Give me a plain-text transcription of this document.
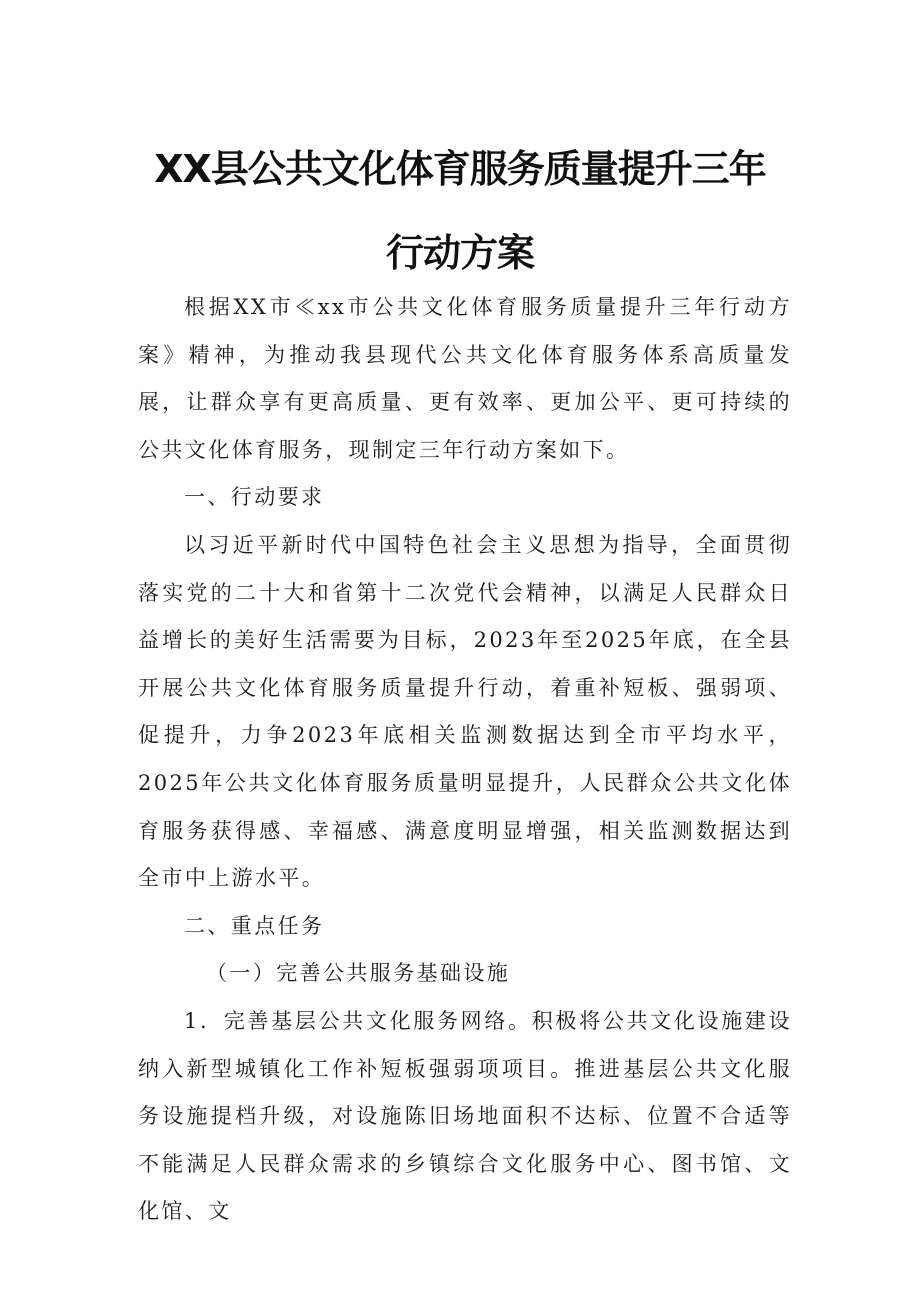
XX县公共文化体育服务质量提升三年
行动方案

根据XX市≪xx市公共文化体育服务质量提升三年行动方案》精神，为推动我县现代公共文化体育服务体系高质量发展，让群众享有更高质量、更有效率、更加公平、更可持续的公共文化体育服务，现制定三年行动方案如下。

一、行动要求

以习近平新时代中国特色社会主义思想为指导，全面贯彻落实党的二十大和省第十二次党代会精神，以满足人民群众日益增长的美好生活需要为目标，2023年至2025年底，在全县开展公共文化体育服务质量提升行动，着重补短板、强弱项、促提升，力争2023年底相关监测数据达到全市平均水平，2025年公共文化体育服务质量明显提升，人民群众公共文化体育服务获得感、幸福感、满意度明显增强，相关监测数据达到全市中上游水平。

二、重点任务

（一）完善公共服务基础设施

1．完善基层公共文化服务网络。积极将公共文化设施建设纳入新型城镇化工作补短板强弱项项目。推进基层公共文化服务设施提档升级，对设施陈旧场地面积不达标、位置不合适等不能满足人民群众需求的乡镇综合文化服务中心、图书馆、文化馆、文
